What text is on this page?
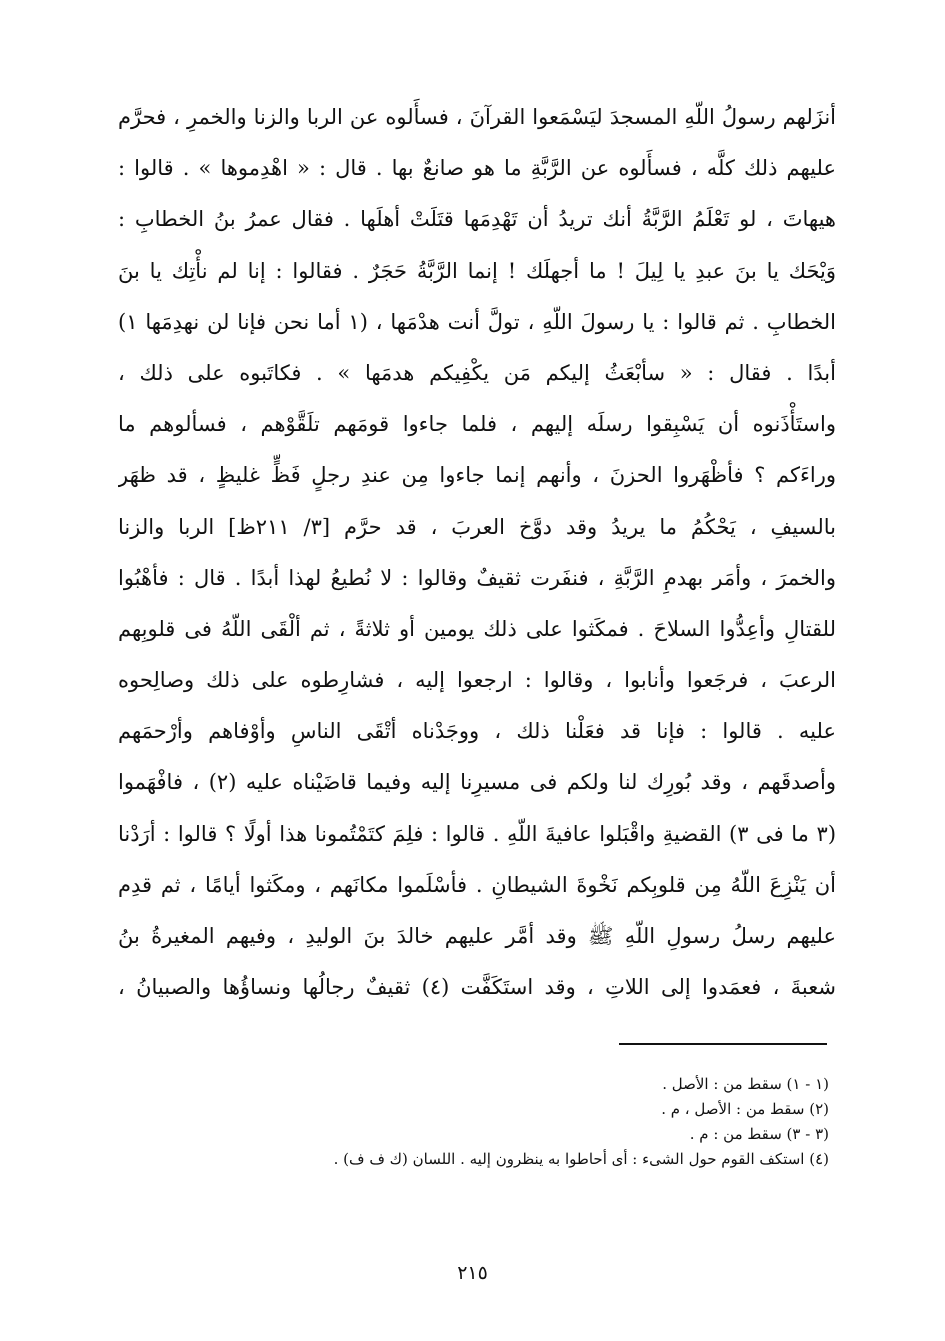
أنزَلهم رسولُ اللّهِ المسجدَ ليَسْمَعوا القرآنَ ، فسأَلوه عن الربا والزنا والخمرِ ، فحرَّم
عليهم ذلك كلَّه ، فسأَلوه عن الرَّبَّةِ ما هو صانعٌ بها . قال : « اهْدِموها » . قالوا :
هيهاتَ ، لو تَعْلَمُ الرَّبَّةُ أنك تريدُ أن تَهْدِمَها قتَلَتْ أهلَها . فقال عمرُ بنُ الخطابِ :
وَيْحَك يا بنَ عبدِ يا لِيلَ ! ما أجهلَك ! إنما الرَّبَّةُ حَجَرٌ . فقالوا : إنا لم نأْتِك يا بنَ
الخطابِ . ثم قالوا : يا رسولَ اللّهِ ، تولَّ أنت هدْمَها ، (١ أما نحن فإنا لن نهدِمَها ١)
أبدًا . فقال : « سأبْعَثُ إليكم مَن يكْفِيكم هدمَها » . فكاتَبوه على ذلك ،
واستَأْذَنوه أن يَسْبِقوا رسلَه إليهم ، فلما جاءوا قومَهم تلَقَّوْهم ، فسألوهم ما
وراءَكم ؟ فأظْهَروا الحزنَ ، وأنهم إنما جاءوا مِن عندِ رجلٍ فَظٍّ غليظٍ ، قد ظهَر
بالسيفِ ، يَحْكُمُ ما يريدُ وقد دوَّخ العربَ ، قد حرَّم [٣/ ٢١١ظ] الربا والزنا
والخمرَ ، وأمَر بهدمِ الرَّبَّةِ ، فنفَرت ثقيفٌ وقالوا : لا نُطيعُ لهذا أبدًا . قال : فأهْبُوا
للقتالِ وأعِدُّوا السلاحَ . فمكَثوا على ذلك يومين أو ثلاثةً ، ثم ألْقَى اللّهُ فى قلوبِهم
الرعبَ ، فرجَعوا وأنابوا ، وقالوا : ارجعوا إليه ، فشارِطوه على ذلك وصالِحوه
عليه . قالوا : فإنا قد فعَلْنا ذلك ، ووجَدْناه أتْقَى الناسِ وأوْفاهم وأرْحمَهم
وأصدقَهم ، وقد بُورِك لنا ولكم فى مسيرِنا إليه وفيما قاضَيْناه عليه (٢) ، فافْهَموا
(٣ ما فى ٣) القضيةِ واقْبَلوا عافيةَ اللّهِ . قالوا : فلِمَ كتَمْتُمونا هذا أولًا ؟ قالوا : أرَدْنا
أن يَنْزِعَ اللّهُ مِن قلوبِكم نَخْوةَ الشيطانِ . فأسْلَموا مكانَهم ، ومكَثوا أيامًا ، ثم قدِم
عليهم رسلُ رسولِ اللّهِ ﷺ وقد أمَّر عليهم خالدَ بنَ الوليدِ ، وفيهم المغيرةُ بنُ
شعبةَ ، فعمَدوا إلى اللاتِ ، وقد استَكَفَّت (٤) ثقيفٌ رجالُها ونساؤُها والصبيانُ ،
(١ - ١) سقط من : الأصل .
(٢) سقط من : الأصل ، م .
(٣ - ٣) سقط من : م .
(٤) استكف القوم حول الشىء : أى أحاطوا به ينظرون إليه . اللسان (ك ف ف) .
٢١٥
